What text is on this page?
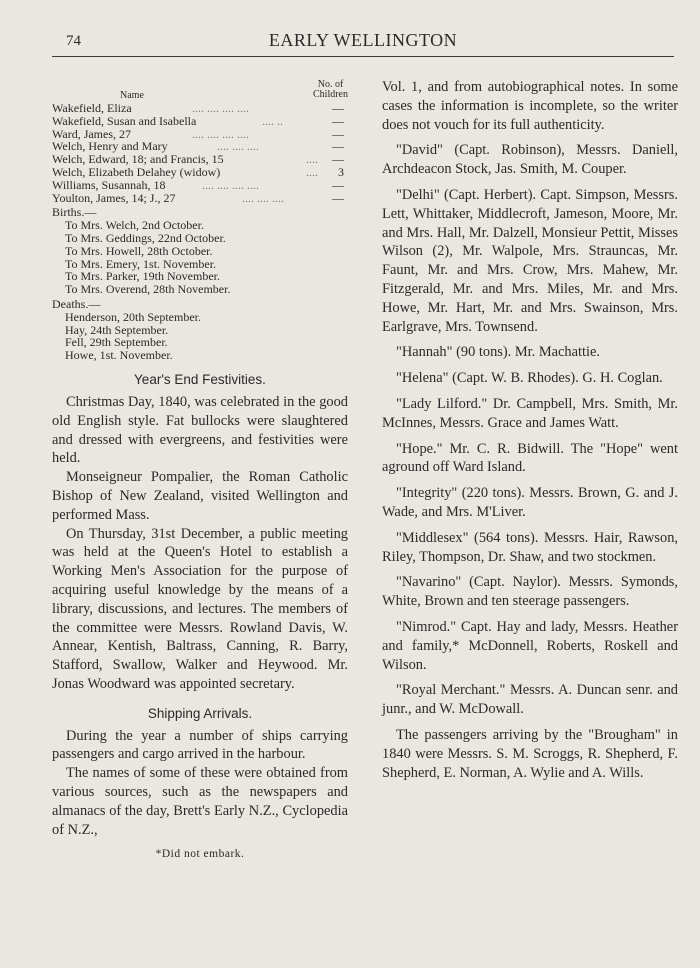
74	EARLY WELLINGTON
Name
No. of
Children
Wakefield, Eliza	.... .... .... ....	—
Wakefield, Susan and Isabella	.... ..	—
Ward, James, 27	.... .... .... ....	—
Welch, Henry and Mary	.... .... ....	—
Welch, Edward, 18; and Francis, 15	.... —
Welch, Elizabeth Delahey (widow)	.... 3
Williams, Susannah, 18	.... .... .... ....	—
Youlton, James, 14; J., 27	.... .... ....	—
Births.—
To Mrs. Welch, 2nd October.
To Mrs. Geddings, 22nd October.
To Mrs. Howell, 28th October.
To Mrs. Emery, 1st. November.
To Mrs. Parker, 19th November.
To Mrs. Overend, 28th November.
Deaths.—
Henderson, 20th September.
Hay, 24th September.
Fell, 29th September.
Howe, 1st. November.
Year's End Festivities.

Christmas Day, 1840, was celebrated in the good old English style. Fat bullocks were slaughtered and dressed with evergreens, and festivities were held.

Monseigneur Pompalier, the Roman Catholic Bishop of New Zealand, visited Wellington and performed Mass.

On Thursday, 31st December, a public meeting was held at the Queen's Hotel to establish a Working Men's Association for the purpose of acquiring useful knowledge by the means of a library, discussions, and lectures. The members of the committee were Messrs. Rowland Davis, W. Annear, Kentish, Baltrass, Canning, R. Barry, Stafford, Swallow, Walker and Heywood. Mr. Jonas Woodward was appointed secretary.

Shipping Arrivals.

During the year a number of ships carrying passengers and cargo arrived in the harbour.

The names of some of these were obtained from various sources, such as the newspapers and almanacs of the day, Brett's Early N.Z., Cyclopedia of N.Z.,

*Did not embark.

Vol. 1, and from autobiographical notes. In some cases the information is incomplete, so the writer does not vouch for its full authenticity.

"David" (Capt. Robinson), Messrs. Daniell, Archdeacon Stock, Jas. Smith, M. Couper.

"Delhi" (Capt. Herbert). Capt. Simpson, Messrs. Lett, Whittaker, Middlecroft, Jameson, Moore, Mr. and Mrs. Hall, Mr. Dalzell, Monsieur Pettit, Misses Wilson (2), Mr. Walpole, Mrs. Strauncas, Mr. Faunt, Mr. and Mrs. Crow, Mrs. Mahew, Mr. Fitzgerald, Mr. and Mrs. Miles, Mr. and Mrs. Howe, Mr. Hart, Mr. and Mrs. Swainson, Mrs. Earlgrave, Mrs. Townsend.

"Hannah" (90 tons). Mr. Machattie.

"Helena" (Capt. W. B. Rhodes). G. H. Coglan.

"Lady Lilford." Dr. Campbell, Mrs. Smith, Mr. McInnes, Messrs. Grace and James Watt.

"Hope." Mr. C. R. Bidwill. The "Hope" went aground off Ward Island.

"Integrity" (220 tons). Messrs. Brown, G. and J. Wade, and Mrs. M'Liver.

"Middlesex" (564 tons). Messrs. Hair, Rawson, Riley, Thompson, Dr. Shaw, and two stockmen.

"Navarino" (Capt. Naylor). Messrs. Symonds, White, Brown and ten steerage passengers.

"Nimrod." Capt. Hay and lady, Messrs. Heather and family,* McDonnell, Roberts, Roskell and Wilson.

"Royal Merchant." Messrs. A. Duncan senr. and junr., and W. McDowall.

The passengers arriving by the "Brougham" in 1840 were Messrs. S. M. Scroggs, R. Shepherd, F. Shepherd, E. Norman, A. Wylie and A. Wills.
